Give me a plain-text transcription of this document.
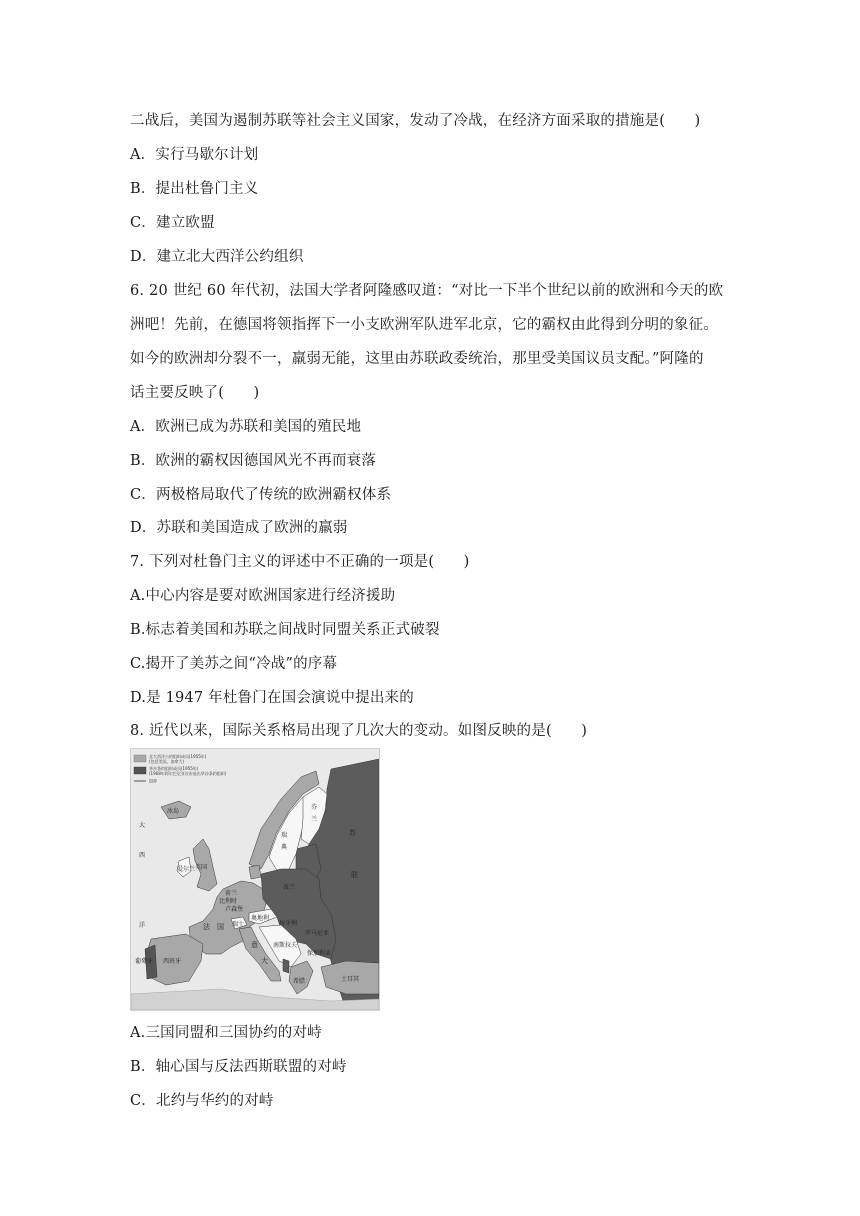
二战后，美国为遏制苏联等社会主义国家，发动了冷战，在经济方面采取的措施是(　　)
A．实行马歇尔计划
B．提出杜鲁门主义
C．建立欧盟
D．建立北大西洋公约组织
6. 20 世纪 60 年代初，法国大学者阿隆感叹道：“对比一下半个世纪以前的欧洲和今天的欧
洲吧！先前，在德国将领指挥下一小支欧洲军队进军北京，它的霸权由此得到分明的象征。
如今的欧洲却分裂不一，羸弱无能，这里由苏联政委统治，那里受美国议员支配。”阿隆的
话主要反映了(　　)
A．欧洲已成为苏联和美国的殖民地
B．欧洲的霸权因德国风光不再而衰落
C．两极格局取代了传统的欧洲霸权体系
D．苏联和美国造成了欧洲的羸弱
7. 下列对杜鲁门主义的评述中不正确的一项是(　　)
A.中心内容是要对欧洲国家进行经济援助
B.标志着美国和苏联之间战时同盟关系正式破裂
C.揭开了美苏之间“冷战”的序幕
D.是 1947 年杜鲁门在国会演说中提出来的
8. 近代以来，国际关系格局出现了几次大的变动。如图反映的是(　　)
北大西洋公约组织成员(1955年)
(包括美国、加拿大)
华沙条约组织成员(1955年)
(1968年阿尔巴尼亚宣布退出华沙条约组织)
国界
大
西
洋
冰岛
苏
联
瑞
典
芬
兰
英国
爱尔兰
荷兰
比利时
卢森堡
法 国 瑞士
奥地利
波兰
匈牙利
罗马尼亚
保加利亚
南斯拉夫
意
大
希腊	土耳其
西班牙
葡萄牙
A.三国同盟和三国协约的对峙
B．轴心国与反法西斯联盟的对峙
C．北约与华约的对峙
